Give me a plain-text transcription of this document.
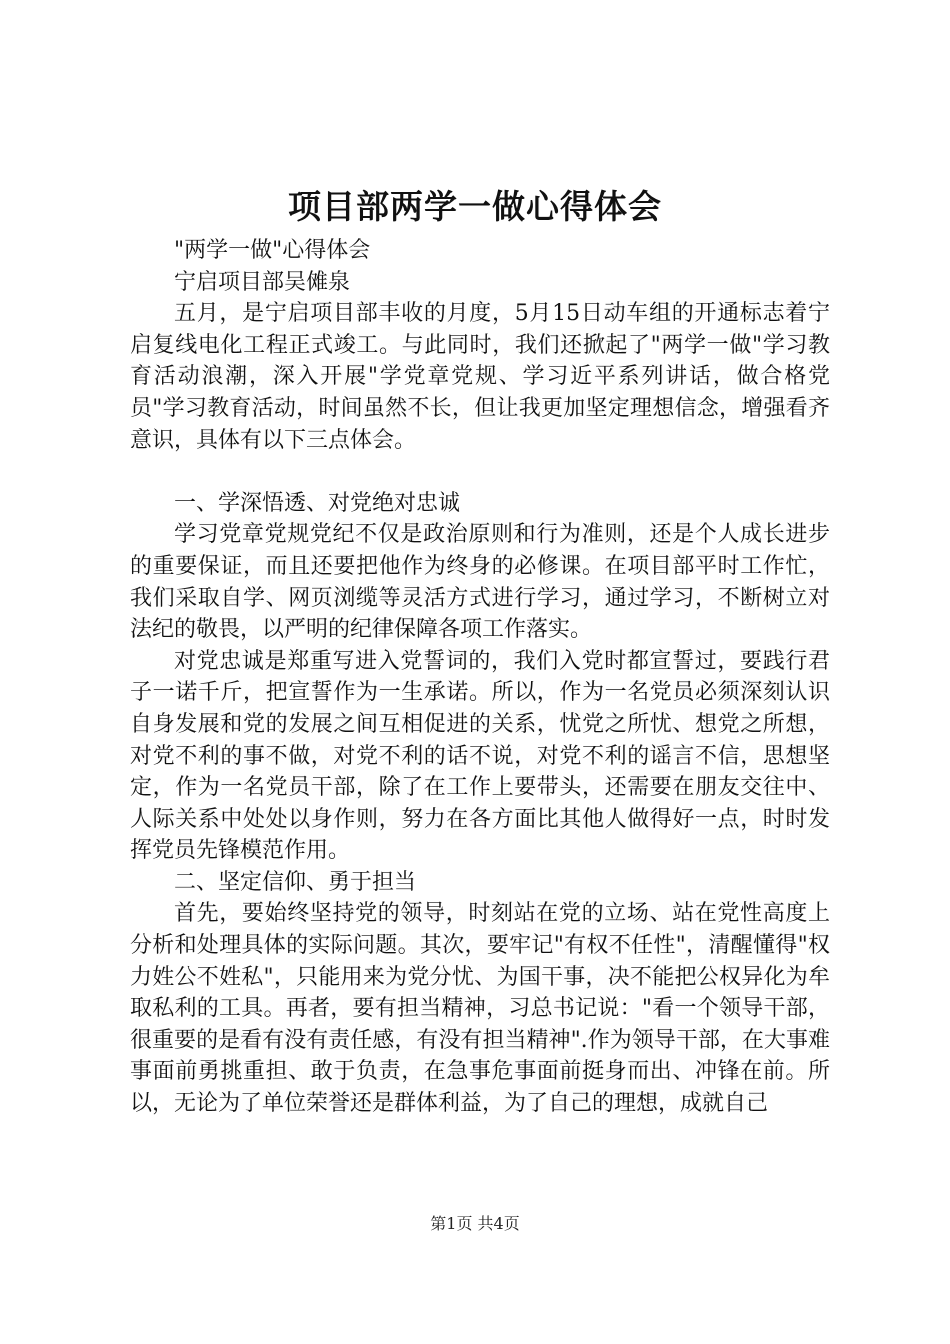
项目部两学一做心得体会

"两学一做"心得体会

宁启项目部吴傩泉

五月，是宁启项目部丰收的月度，5月15日动车组的开通标志着宁启复线电化工程正式竣工。与此同时，我们还掀起了"两学一做"学习教育活动浪潮，深入开展"学党章党规、学习近平系列讲话，做合格党员"学习教育活动，时间虽然不长，但让我更加坚定理想信念，增强看齐意识，具体有以下三点体会。

一、学深悟透、对党绝对忠诚

学习党章党规党纪不仅是政治原则和行为准则，还是个人成长进步的重要保证，而且还要把他作为终身的必修课。在项目部平时工作忙，我们采取自学、网页浏缆等灵活方式进行学习，通过学习，不断树立对法纪的敬畏，以严明的纪律保障各项工作落实。

对党忠诚是郑重写进入党誓词的，我们入党时都宣誓过，要践行君子一诺千斤，把宣誓作为一生承诺。所以，作为一名党员必须深刻认识自身发展和党的发展之间互相促进的关系，忧党之所忧、想党之所想，对党不利的事不做，对党不利的话不说，对党不利的谣言不信，思想坚定，作为一名党员干部，除了在工作上要带头，还需要在朋友交往中、人际关系中处处以身作则，努力在各方面比其他人做得好一点，时时发挥党员先锋模范作用。

二、坚定信仰、勇于担当

首先，要始终坚持党的领导，时刻站在党的立场、站在党性高度上分析和处理具体的实际问题。其次，要牢记"有权不任性"，清醒懂得"权力姓公不姓私"，只能用来为党分忧、为国干事，决不能把公权异化为牟取私利的工具。再者，要有担当精神，习总书记说："看一个领导干部，很重要的是看有没有责任感，有没有担当精神".作为领导干部，在大事难事面前勇挑重担、敢于负责，在急事危事面前挺身而出、冲锋在前。所以，无论为了单位荣誉还是群体利益，为了自己的理想，成就自己

第1页 共4页
